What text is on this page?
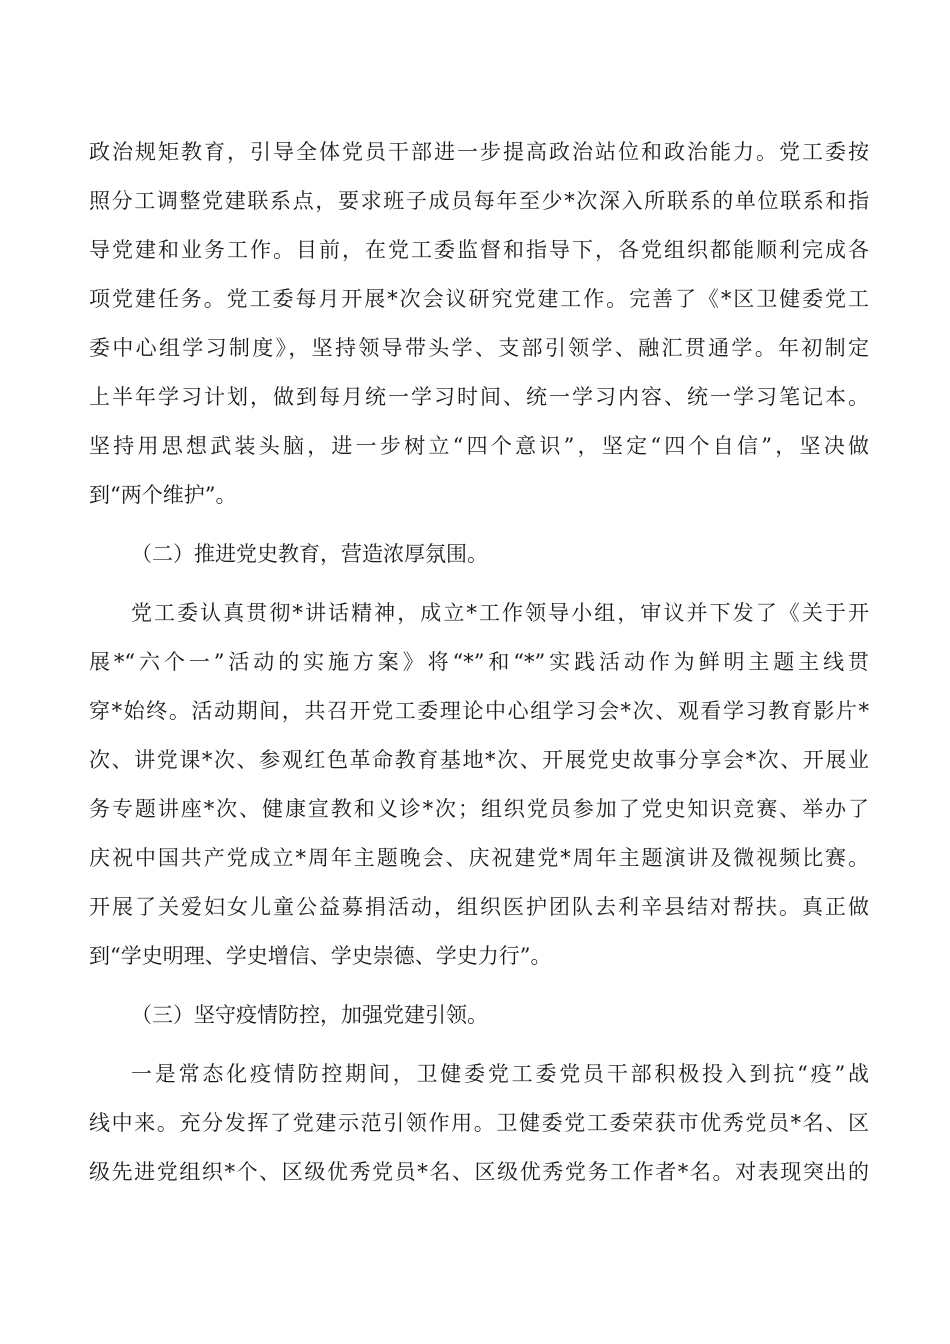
政治规矩教育，引导全体党员干部进一步提高政治站位和政治能力。党工委按
照分工调整党建联系点，要求班子成员每年至少*次深入所联系的单位联系和指
导党建和业务工作。目前，在党工委监督和指导下，各党组织都能顺利完成各
项党建任务。党工委每月开展*次会议研究党建工作。完善了《*区卫健委党工
委中心组学习制度》，坚持领导带头学、支部引领学、融汇贯通学。年初制定
上半年学习计划，做到每月统一学习时间、统一学习内容、统一学习笔记本。
坚持用思想武装头脑，进一步树立“四个意识”，坚定“四个自信”，坚决做
到“两个维护”。
（二）推进党史教育，营造浓厚氛围。
党工委认真贯彻*讲话精神，成立*工作领导小组，审议并下发了《关于开
展*“六个一”活动的实施方案》将“*”和“*”实践活动作为鲜明主题主线贯
穿*始终。活动期间，共召开党工委理论中心组学习会*次、观看学习教育影片*
次、讲党课*次、参观红色革命教育基地*次、开展党史故事分享会*次、开展业
务专题讲座*次、健康宣教和义诊*次；组织党员参加了党史知识竞赛、举办了
庆祝中国共产党成立*周年主题晚会、庆祝建党*周年主题演讲及微视频比赛。
开展了关爱妇女儿童公益募捐活动，组织医护团队去利辛县结对帮扶。真正做
到“学史明理、学史增信、学史崇德、学史力行”。
（三）坚守疫情防控，加强党建引领。
一是常态化疫情防控期间，卫健委党工委党员干部积极投入到抗“疫”战
线中来。充分发挥了党建示范引领作用。卫健委党工委荣获市优秀党员*名、区
级先进党组织*个、区级优秀党员*名、区级优秀党务工作者*名。对表现突出的
